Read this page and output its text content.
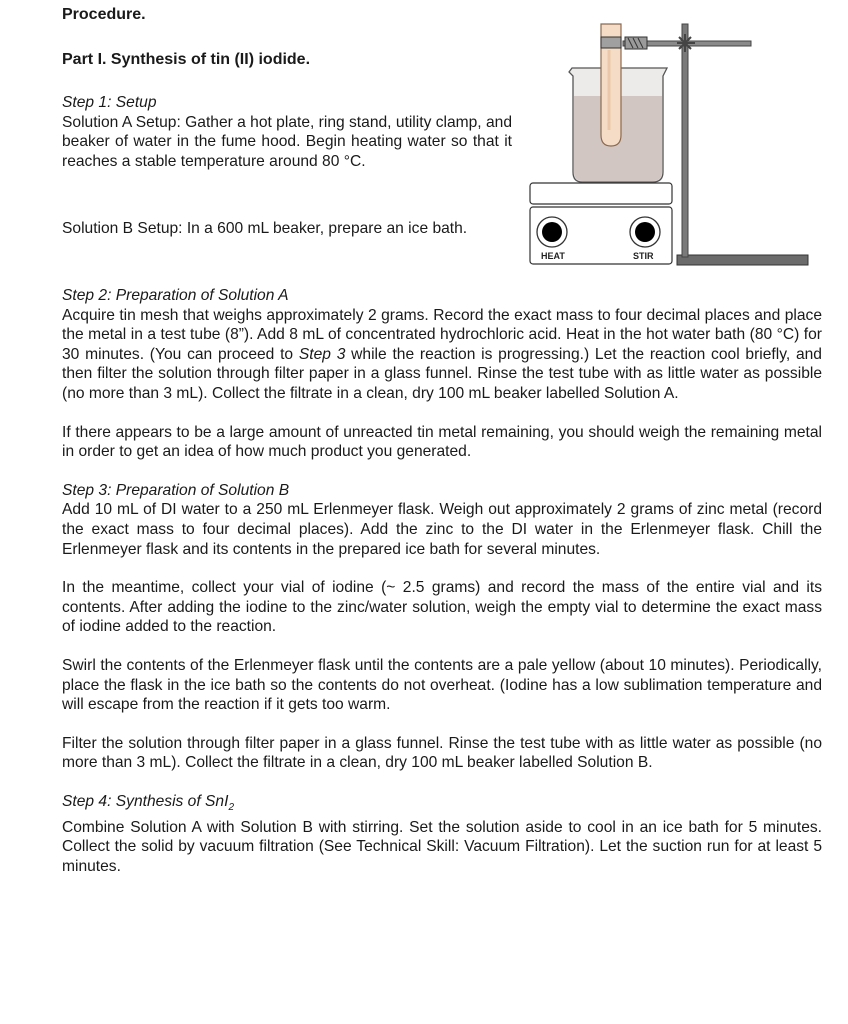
Procedure.
Part I. Synthesis of tin (II) iodide.

Step 1: Setup

Solution A Setup: Gather a hot plate, ring stand, utility clamp, and beaker of water in the fume hood. Begin heating water so that it reaches a stable temperature around 80 °C.

Solution B Setup: In a 600 mL beaker, prepare an ice bath.

HEAT	STIR

Step 2: Preparation of Solution A

Acquire tin mesh that weighs approximately 2 grams. Record the exact mass to four decimal places and place the metal in a test tube (8”). Add 8 mL of concentrated hydrochloric acid. Heat in the hot water bath (80 °C) for 30 minutes. (You can proceed to Step 3 while the reaction is progressing.) Let the reaction cool briefly, and then filter the solution through filter paper in a glass funnel. Rinse the test tube with as little water as possible (no more than 3 mL). Collect the filtrate in a clean, dry 100 mL beaker labelled Solution A.

If there appears to be a large amount of unreacted tin metal remaining, you should weigh the remaining metal in order to get an idea of how much product you generated.

Step 3: Preparation of Solution B

Add 10 mL of DI water to a 250 mL Erlenmeyer flask. Weigh out approximately 2 grams of zinc metal (record the exact mass to four decimal places). Add the zinc to the DI water in the Erlenmeyer flask. Chill the Erlenmeyer flask and its contents in the prepared ice bath for several minutes.

In the meantime, collect your vial of iodine (~ 2.5 grams) and record the mass of the entire vial and its contents. After adding the iodine to the zinc/water solution, weigh the empty vial to determine the exact mass of iodine added to the reaction.

Swirl the contents of the Erlenmeyer flask until the contents are a pale yellow (about 10 minutes). Periodically, place the flask in the ice bath so the contents do not overheat. (Iodine has a low sublimation temperature and will escape from the reaction if it gets too warm.

Filter the solution through filter paper in a glass funnel. Rinse the test tube with as little water as possible (no more than 3 mL). Collect the filtrate in a clean, dry 100 mL beaker labelled Solution B.

Step 4: Synthesis of SnI$_2$

Combine Solution A with Solution B with stirring. Set the solution aside to cool in an ice bath for 5 minutes. Collect the solid by vacuum filtration (See Technical Skill: Vacuum Filtration). Let the suction run for at least 5 minutes.
